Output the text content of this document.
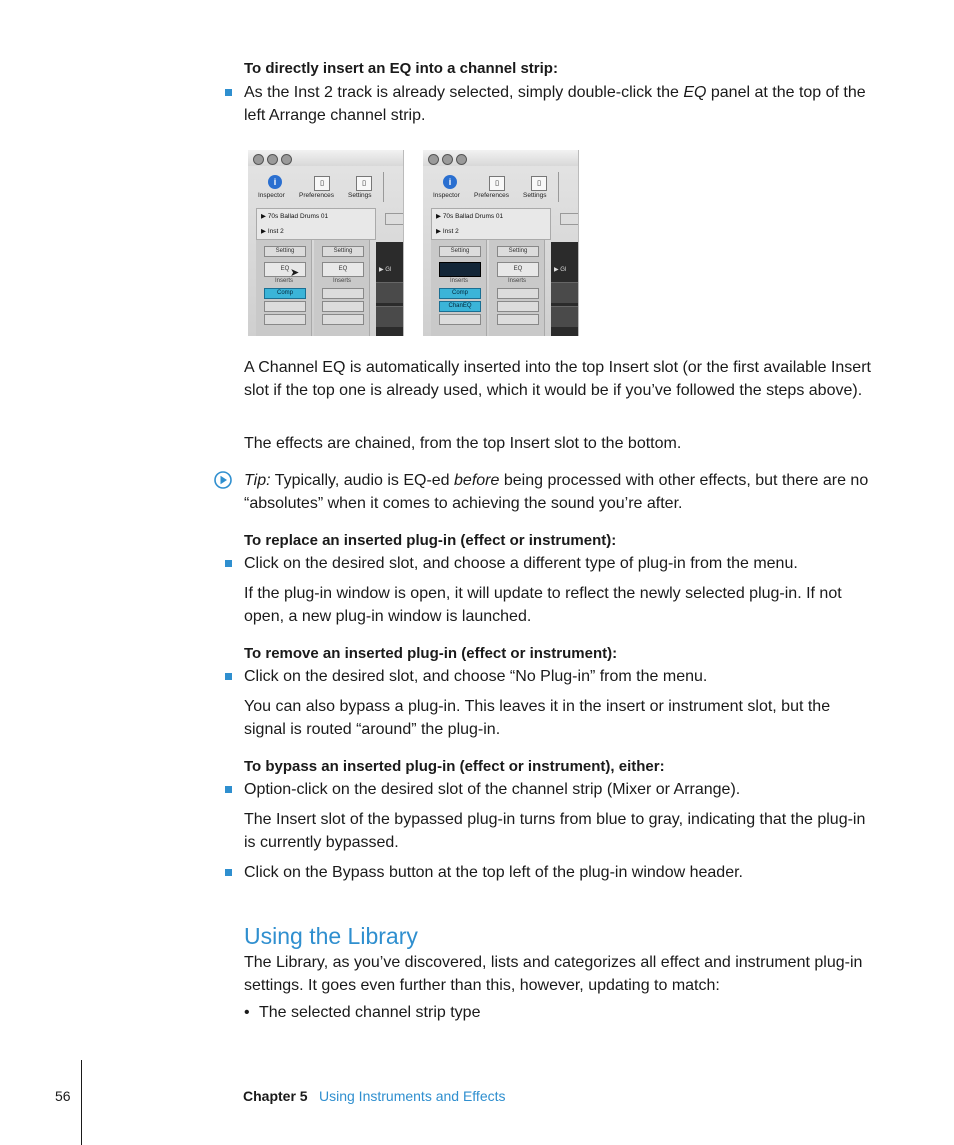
To directly insert an EQ into a channel strip:

As the Inst 2 track is already selected, simply double-click the EQ panel at the top of the left Arrange channel strip.

i	▯	▯
Inspector Preferences Settings
▶ 70s Ballad Drums 01
▶ Inst 2
Setting
EQ
Inserts
Comp
➤
Setting
EQ
Inserts
▶ Gl
i	▯	▯
Inspector Preferences Settings
▶ 70s Ballad Drums 01
▶ Inst 2
Setting
Inserts
Comp
ChanEQ
Setting
EQ
Inserts
▶ Gl

A Channel EQ is automatically inserted into the top Insert slot (or the first available Insert slot if the top one is already used, which it would be if you’ve followed the steps above).

The effects are chained, from the top Insert slot to the bottom.

Tip: Typically, audio is EQ-ed before being processed with other effects, but there are no “absolutes” when it comes to achieving the sound you’re after.

To replace an inserted plug-in (effect or instrument):

Click on the desired slot, and choose a different type of plug-in from the menu.

If the plug-in window is open, it will update to reflect the newly selected plug-in. If not open, a new plug-in window is launched.

To remove an inserted plug-in (effect or instrument):

Click on the desired slot, and choose “No Plug-in” from the menu.

You can also bypass a plug-in. This leaves it in the insert or instrument slot, but the signal is routed “around” the plug-in.

To bypass an inserted plug-in (effect or instrument), either:

Option-click on the desired slot of the channel strip (Mixer or Arrange).

The Insert slot of the bypassed plug-in turns from blue to gray, indicating that the plug-in is currently bypassed.

Click on the Bypass button at the top left of the plug-in window header.

Using the Library

The Library, as you’ve discovered, lists and categorizes all effect and instrument plug-in settings. It goes even further than this, however, updating to match:

• The selected channel strip type
56	Chapter 5 Using Instruments and Effects
